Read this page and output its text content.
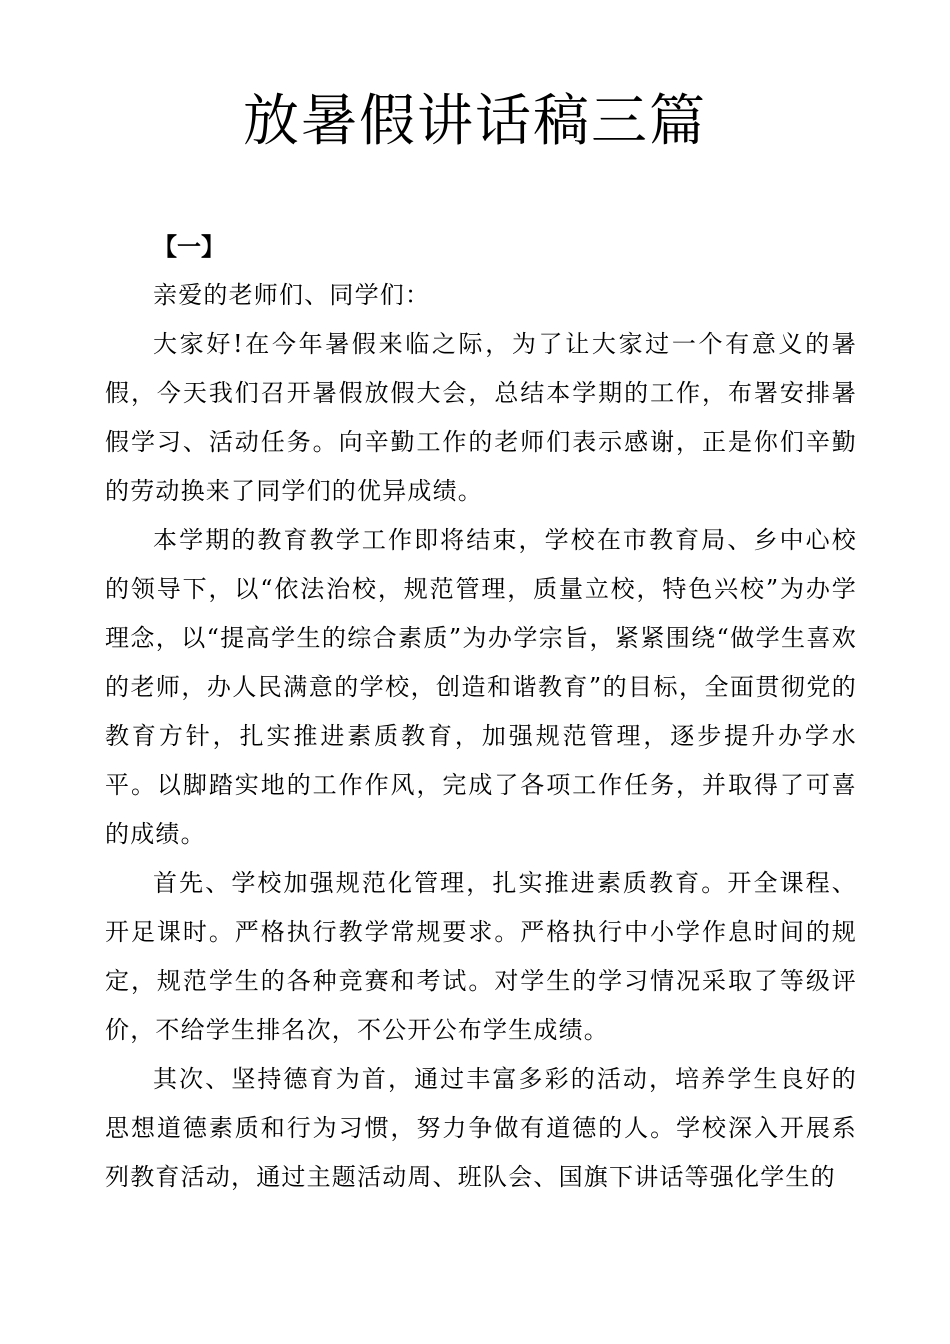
放暑假讲话稿三篇

【一】

亲爱的老师们、同学们：

大家好!在今年暑假来临之际，为了让大家过一个有意义的暑假，今天我们召开暑假放假大会，总结本学期的工作，布署安排暑假学习、活动任务。向辛勤工作的老师们表示感谢，正是你们辛勤的劳动换来了同学们的优异成绩。

本学期的教育教学工作即将结束，学校在市教育局、乡中心校的领导下，以“依法治校，规范管理，质量立校，特色兴校”为办学理念，以“提高学生的综合素质”为办学宗旨，紧紧围绕“做学生喜欢的老师，办人民满意的学校，创造和谐教育”的目标，全面贯彻党的教育方针，扎实推进素质教育，加强规范管理，逐步提升办学水平。以脚踏实地的工作作风，完成了各项工作任务，并取得了可喜的成绩。

首先、学校加强规范化管理，扎实推进素质教育。开全课程、开足课时。严格执行教学常规要求。严格执行中小学作息时间的规定，规范学生的各种竞赛和考试。对学生的学习情况采取了等级评价，不给学生排名次，不公开公布学生成绩。

其次、坚持德育为首，通过丰富多彩的活动，培养学生良好的思想道德素质和行为习惯，努力争做有道德的人。学校深入开展系列教育活动，通过主题活动周、班队会、国旗下讲话等强化学生的
